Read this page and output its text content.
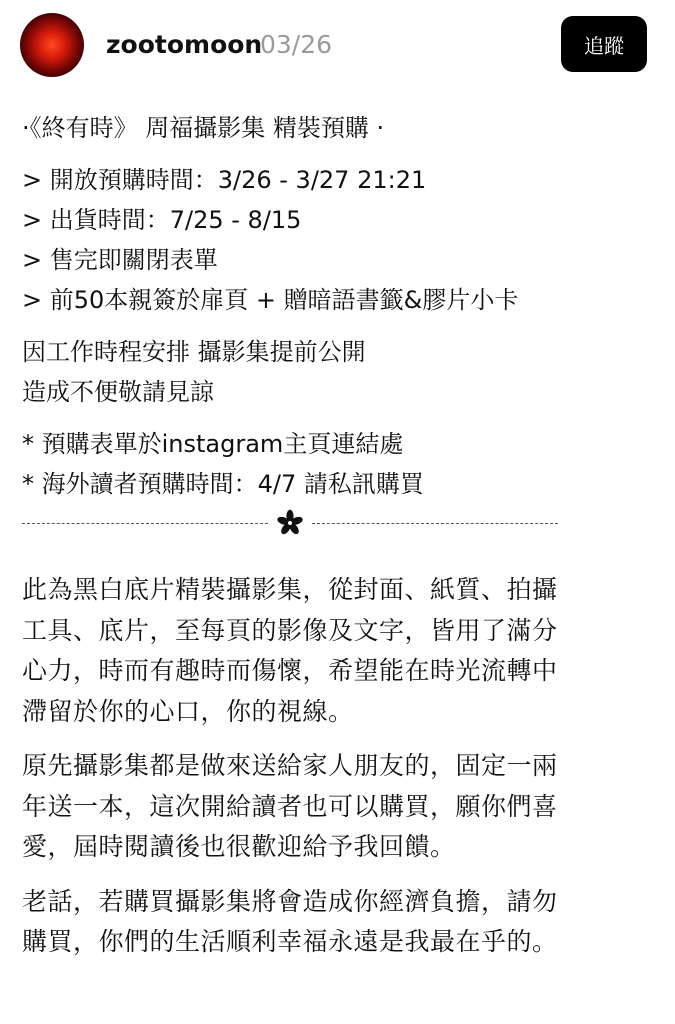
zootomoon
03/26	追蹤
·《終有時》 周福攝影集 精裝預購 ·
> 開放預購時間：3/26 - 3/27 21:21
> 出貨時間：7/25 - 8/15
> 售完即關閉表單
> 前50本親簽於扉頁 + 贈暗語書籤&膠片小卡
因工作時程安排 攝影集提前公開
造成不便敬請見諒
* 預購表單於instagram主頁連結處
* 海外讀者預購時間：4/7 請私訊購買
此為黑白底片精裝攝影集，從封面、紙質、拍攝
工具、底片，至每頁的影像及文字，皆用了滿分
心力，時而有趣時而傷懷，希望能在時光流轉中
滯留於你的心口，你的視線。
原先攝影集都是做來送給家人朋友的，固定一兩
年送一本，這次開給讀者也可以購買，願你們喜
愛，屆時閱讀後也很歡迎給予我回饋。
老話，若購買攝影集將會造成你經濟負擔，請勿
購買，你們的生活順利幸福永遠是我最在乎的。
